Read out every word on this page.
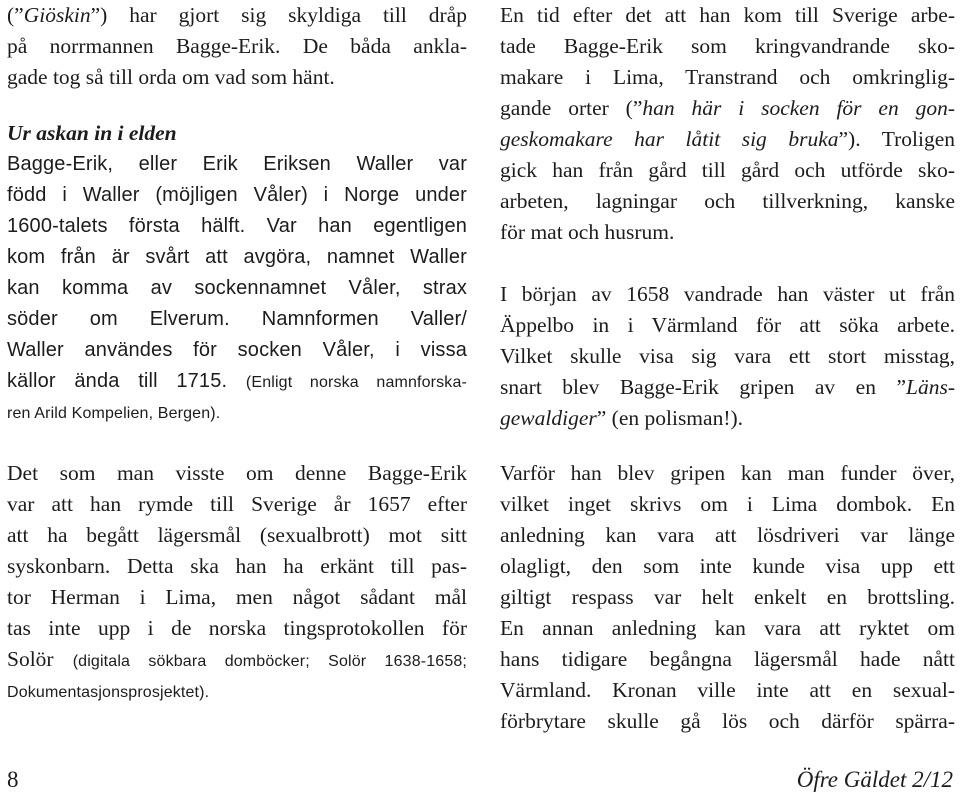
(”Giöskin”) har gjort sig skyldiga till dråp
på norrmannen Bagge-Erik. De båda ankla-
gade tog så till orda om vad som hänt.
Ur askan in i elden
Bagge-Erik, eller Erik Eriksen Waller var
född i Waller (möjligen Våler) i Norge under
1600-talets första hälft. Var han egentligen
kom från är svårt att avgöra, namnet Waller
kan komma av sockennamnet Våler, strax
söder om Elverum. Namnformen Valler/
Waller användes för socken Våler, i vissa
källor ända till 1715. (Enligt norska namnforska-
ren Arild Kompelien, Bergen).
Det som man visste om denne Bagge-Erik
var att han rymde till Sverige år 1657 efter
att ha begått lägersmål (sexualbrott) mot sitt
syskonbarn. Detta ska han ha erkänt till pas-
tor Herman i Lima, men något sådant mål
tas inte upp i de norska tingsprotokollen för
Solör (digitala sökbara domböcker; Solör 1638-1658;
Dokumentasjonsprosjektet).
En tid efter det att han kom till Sverige arbe-
tade Bagge-Erik som kringvandrande sko-
makare i Lima, Transtrand och omkringlig-
gande orter (”han här i socken för en gon-
geskomakare har låtit sig bruka”). Troligen
gick han från gård till gård och utförde sko-
arbeten, lagningar och tillverkning, kanske
för mat och husrum.
I början av 1658 vandrade han väster ut från
Äppelbo in i Värmland för att söka arbete.
Vilket skulle visa sig vara ett stort misstag,
snart blev Bagge-Erik gripen av en ”Läns-
gewaldiger” (en polisman!).
Varför han blev gripen kan man funder över,
vilket inget skrivs om i Lima dombok. En
anledning kan vara att lösdriveri var länge
olagligt, den som inte kunde visa upp ett
giltigt respass var helt enkelt en brottsling.
En annan anledning kan vara att ryktet om
hans tidigare begångna lägersmål hade nått
Värmland. Kronan ville inte att en sexual-
förbrytare skulle gå lös och därför spärra-
8	Öfre Gäldet 2/12
